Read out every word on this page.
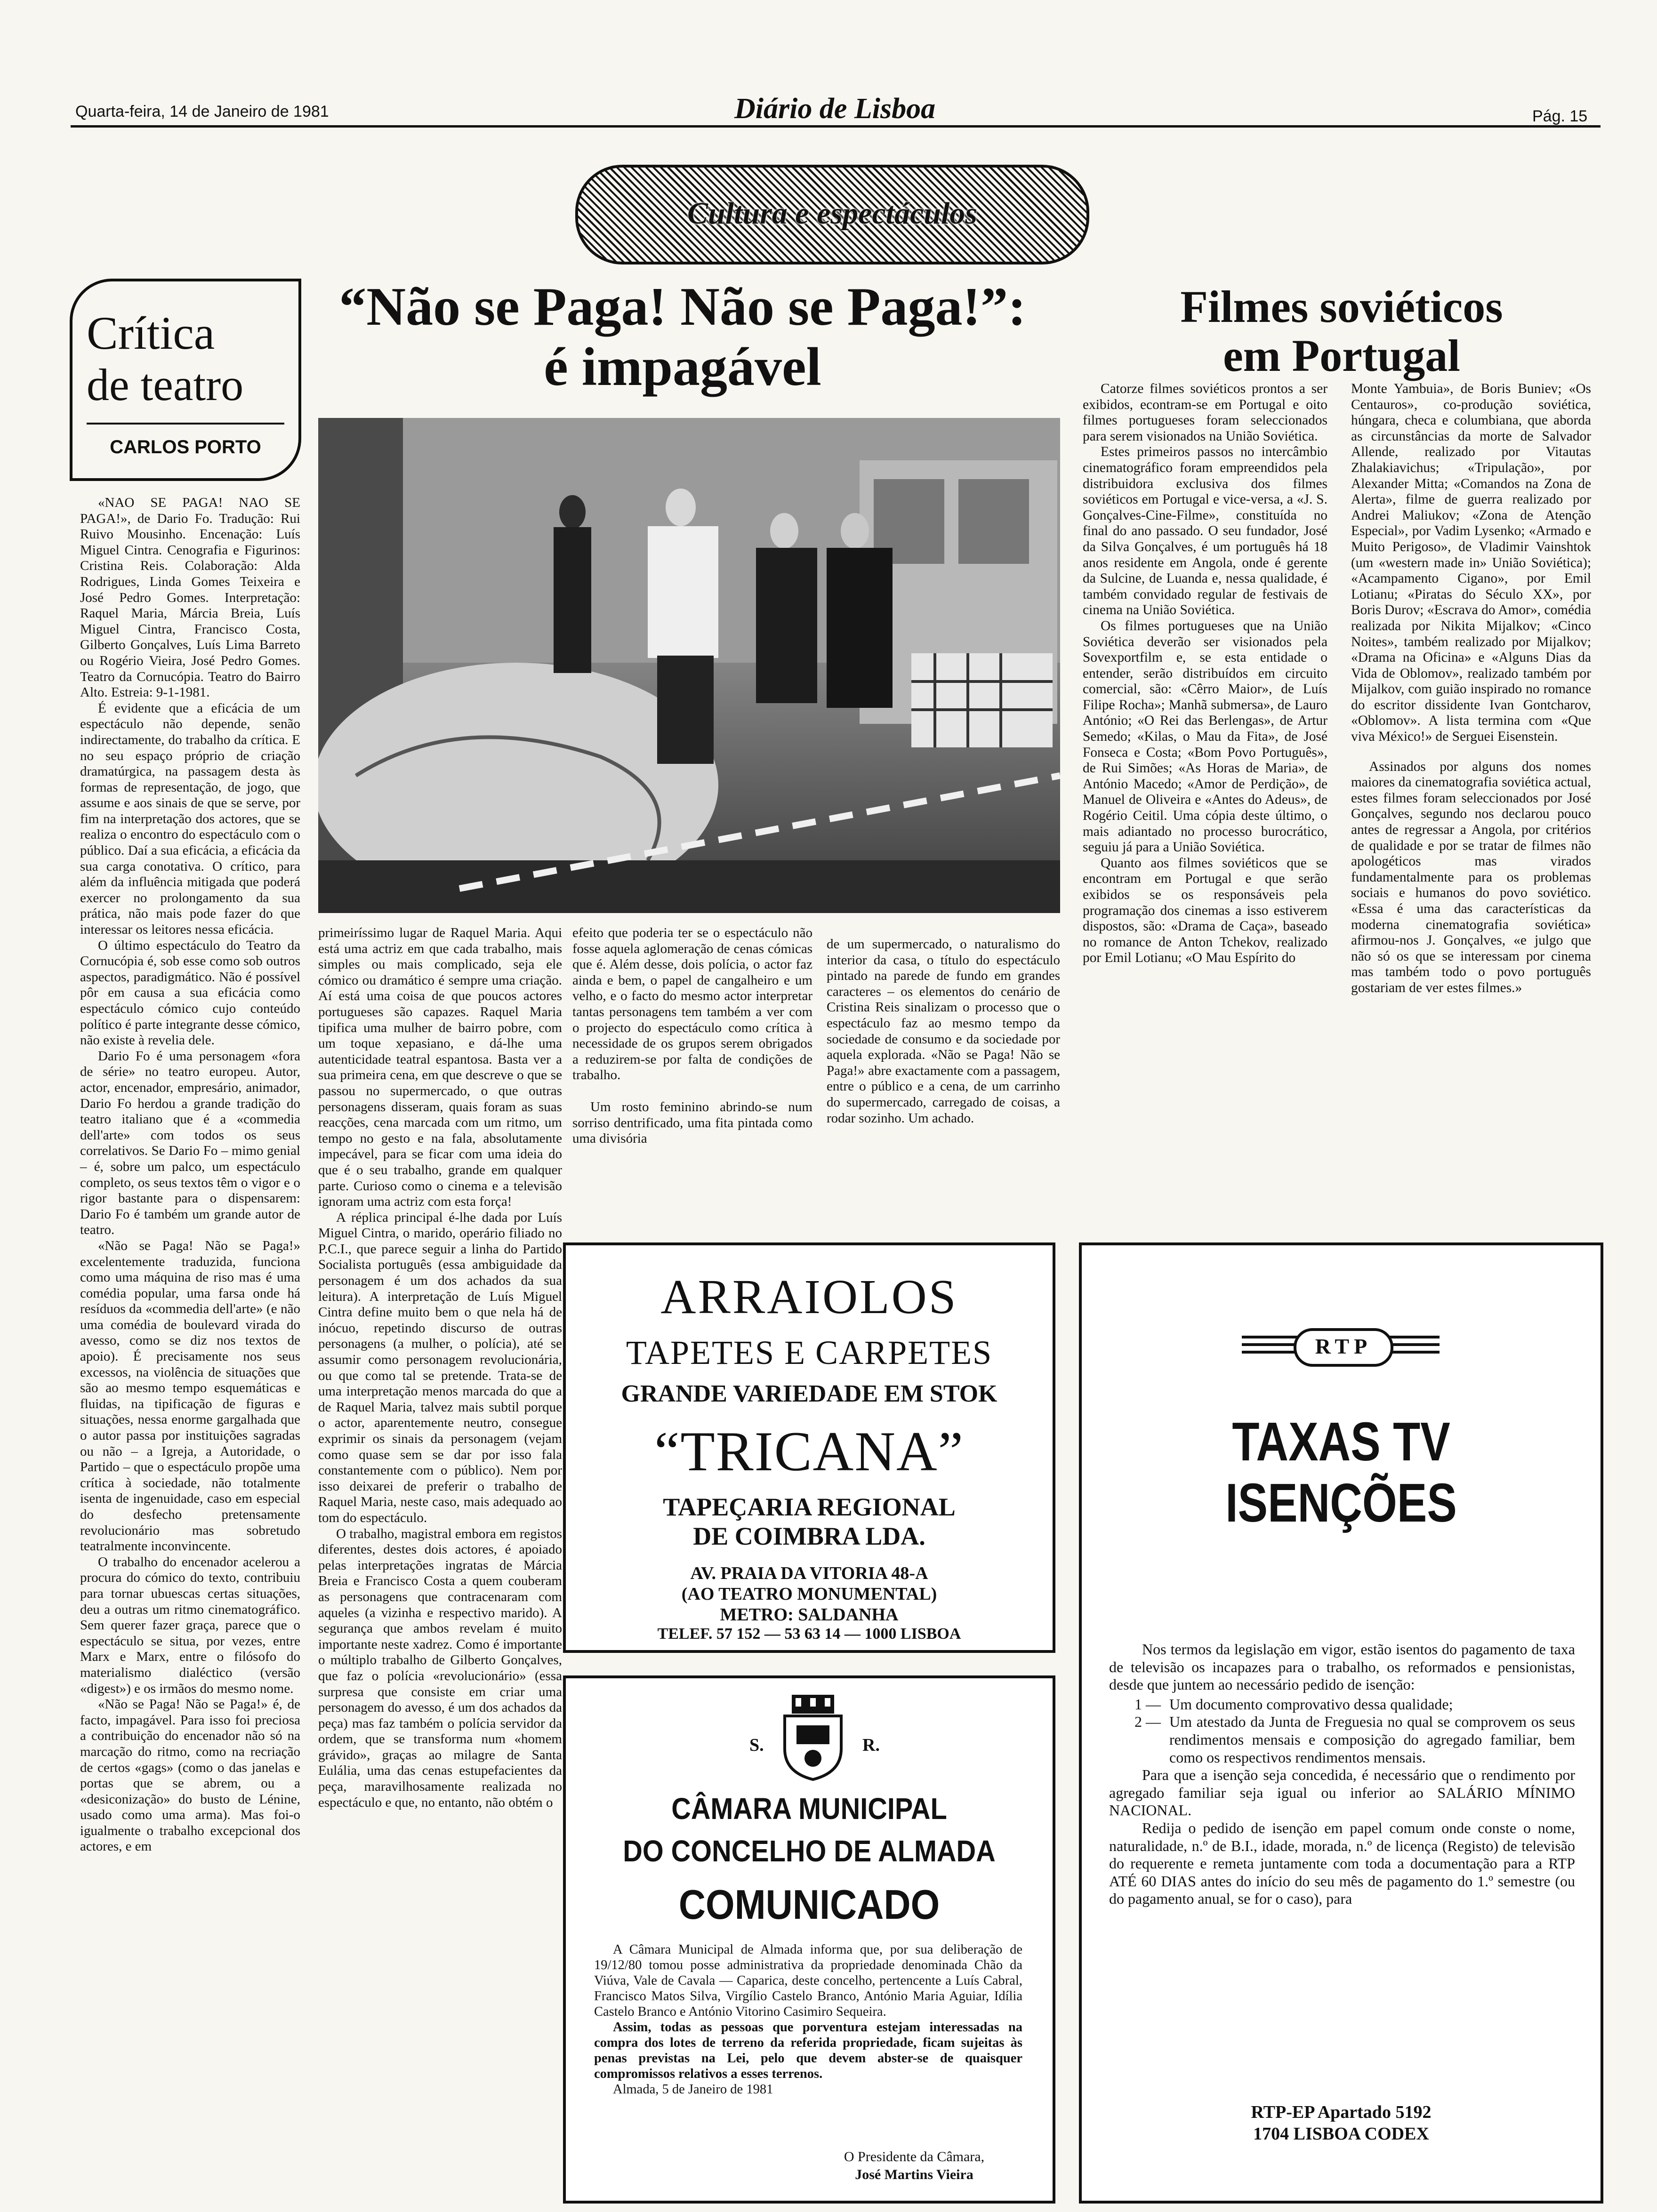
Quarta-feira, 14 de Janeiro de 1981	Diário de Lisboa	Pág. 15
Cultura e espectáculos
Crítica
de teatro
CARLOS PORTO
“Não se Paga! Não se Paga!”:
é impagável

«NAO SE PAGA! NAO SE PAGA!», de Dario Fo. Tradução: Rui Ruivo Mousinho. Encenação: Luís Miguel Cintra. Cenografia e Figurinos: Cristina Reis. Colaboração: Alda Rodrigues, Linda Gomes Teixeira e José Pedro Gomes. Interpretação: Raquel Maria, Márcia Breia, Luís Miguel Cintra, Francisco Costa, Gilberto Gonçalves, Luís Lima Barreto ou Rogério Vieira, José Pedro Gomes. Teatro da Cornucópia. Teatro do Bairro Alto. Estreia: 9-1-1981.

É evidente que a eficácia de um espectáculo não depende, senão indirectamente, do trabalho da crítica. E no seu espaço próprio de criação dramatúrgica, na passagem desta às formas de representação, de jogo, que assume e aos sinais de que se serve, por fim na interpretação dos actores, que se realiza o encontro do espectáculo com o público. Daí a sua eficácia, a eficácia da sua carga conotativa. O crítico, para além da influência mitigada que poderá exercer no prolongamento da sua prática, não mais pode fazer do que interessar os leitores nessa eficácia.

O último espectáculo do Teatro da Cornucópia é, sob esse como sob outros aspectos, paradigmático. Não é possível pôr em causa a sua eficácia como espectáculo cómico cujo conteúdo político é parte integrante desse cómico, não existe à revelia dele.

Dario Fo é uma personagem «fora de série» no teatro europeu. Autor, actor, encenador, empresário, animador, Dario Fo herdou a grande tradição do teatro italiano que é a «commedia dell'arte» com todos os seus correlativos. Se Dario Fo – mimo genial – é, sobre um palco, um espectáculo completo, os seus textos têm o vigor e o rigor bastante para o dispensarem: Dario Fo é também um grande autor de teatro.

«Não se Paga! Não se Paga!» excelentemente traduzida, funciona como uma máquina de riso mas é uma comédia popular, uma farsa onde há resíduos da «commedia dell'arte» (e não uma comédia de boulevard virada do avesso, como se diz nos textos de apoio). É precisamente nos seus excessos, na violência de situações que são ao mesmo tempo esquemáticas e fluidas, na tipificação de figuras e situações, nessa enorme gargalhada que o autor passa por instituições sagradas ou não – a Igreja, a Autoridade, o Partido – que o espectáculo propõe uma crítica à sociedade, não totalmente isenta de ingenuidade, caso em especial do desfecho pretensamente revolucionário mas sobretudo teatralmente inconvincente.

O trabalho do encenador acelerou a procura do cómico do texto, contribuiu para tornar ubuescas certas situações, deu a outras um ritmo cinematográfico. Sem querer fazer graça, parece que o espectáculo se situa, por vezes, entre Marx e Marx, entre o filósofo do materialismo dialéctico (versão «digest») e os irmãos do mesmo nome.

«Não se Paga! Não se Paga!» é, de facto, impagável. Para isso foi preciosa a contribuição do encenador não só na marcação do ritmo, como na recriação de certos «gags» (como o das janelas e portas que se abrem, ou a «desiconização» do busto de Lénine, usado como uma arma). Mas foi-o igualmente o trabalho excepcional dos actores, e em

primeiríssimo lugar de Raquel Maria. Aqui está uma actriz em que cada trabalho, mais simples ou mais complicado, seja ele cómico ou dramático é sempre uma criação. Aí está uma coisa de que poucos actores portugueses são capazes. Raquel Maria tipifica uma mulher de bairro pobre, com um toque xepasiano, e dá-lhe uma autenticidade teatral espantosa. Basta ver a sua primeira cena, em que descreve o que se passou no supermercado, o que outras personagens disseram, quais foram as suas reacções, cena marcada com um ritmo, um tempo no gesto e na fala, absolutamente impecável, para se ficar com uma ideia do que é o seu trabalho, grande em qualquer parte. Curioso como o cinema e a televisão ignoram uma actriz com esta força!

A réplica principal é-lhe dada por Luís Miguel Cintra, o marido, operário filiado no P.C.I., que parece seguir a linha do Partido Socialista português (essa ambiguidade da personagem é um dos achados da sua leitura). A interpretação de Luís Miguel Cintra define muito bem o que nela há de inócuo, repetindo discurso de outras personagens (a mulher, o polícia), até se assumir como personagem revolucionária, ou que como tal se pretende. Trata-se de uma interpretação menos marcada do que a de Raquel Maria, talvez mais subtil porque o actor, aparentemente neutro, consegue exprimir os sinais da personagem (vejam como quase sem se dar por isso fala constantemente com o público). Nem por isso deixarei de preferir o trabalho de Raquel Maria, neste caso, mais adequado ao tom do espectáculo.

O trabalho, magistral embora em registos diferentes, destes dois actores, é apoiado pelas interpretações ingratas de Márcia Breia e Francisco Costa a quem couberam as personagens que contracenaram com aqueles (a vizinha e respectivo marido). A segurança que ambos revelam é muito importante neste xadrez. Como é importante o múltiplo trabalho de Gilberto Gonçalves, que faz o polícia «revolucionário» (essa surpresa que consiste em criar uma personagem do avesso, é um dos achados da peça) mas faz também o polícia servidor da ordem, que se transforma num «homem grávido», graças ao milagre de Santa Eulália, uma das cenas estupefacientes da peça, maravilhosamente realizada no espectáculo e que, no entanto, não obtém o

efeito que poderia ter se o espectáculo não fosse aquela aglomeração de cenas cómicas que é. Além desse, dois polícia, o actor faz ainda e bem, o papel de cangalheiro e um velho, e o facto do mesmo actor interpretar tantas personagens tem também a ver com o projecto do espectáculo como crítica à necessidade de os grupos serem obrigados a reduzirem-se por falta de condições de trabalho.

Um rosto feminino abrindo-se num sorriso dentrificado, uma fita pintada como uma divisória

de um supermercado, o naturalismo do interior da casa, o título do espectáculo pintado na parede de fundo em grandes caracteres – os elementos do cenário de Cristina Reis sinalizam o processo que o espectáculo faz ao mesmo tempo da sociedade de consumo e da sociedade por aquela explorada. «Não se Paga! Não se Paga!» abre exactamente com a passagem, entre o público e a cena, de um carrinho do supermercado, carregado de coisas, a rodar sozinho. Um achado.

Filmes soviéticos
em Portugal

Catorze filmes soviéticos prontos a ser exibidos, econtram-se em Portugal e oito filmes portugueses foram seleccionados para serem visionados na União Soviética.

Estes primeiros passos no intercâmbio cinematográfico foram empreendidos pela distribuidora exclusiva dos filmes soviéticos em Portugal e vice-versa, a «J. S. Gonçalves-Cine-Filme», constituída no final do ano passado. O seu fundador, José da Silva Gonçalves, é um português há 18 anos residente em Angola, onde é gerente da Sulcine, de Luanda e, nessa qualidade, é também convidado regular de festivais de cinema na União Soviética.

Os filmes portugueses que na União Soviética deverão ser visionados pela Sovexportfilm e, se esta entidade o entender, serão distribuídos em circuito comercial, são: «Cêrro Maior», de Luís Filipe Rocha»; Manhã submersa», de Lauro António; «O Rei das Berlengas», de Artur Semedo; «Kilas, o Mau da Fita», de José Fonseca e Costa; «Bom Povo Português», de Rui Simões; «As Horas de Maria», de António Macedo; «Amor de Perdição», de Manuel de Oliveira e «Antes do Adeus», de Rogério Ceitil. Uma cópia deste último, o mais adiantado no processo burocrático, seguiu já para a União Soviética.

Quanto aos filmes soviéticos que se encontram em Portugal e que serão exibidos se os responsáveis pela programação dos cinemas a isso estiverem dispostos, são: «Drama de Caça», baseado no romance de Anton Tchekov, realizado por Emil Lotianu; «O Mau Espírito do

Monte Yambuia», de Boris Buniev; «Os Centauros», co-produção soviética, húngara, checa e columbiana, que aborda as circunstâncias da morte de Salvador Allende, realizado por Vitautas Zhalakiavichus; «Tripulação», por Alexander Mitta; «Comandos na Zona de Alerta», filme de guerra realizado por Andrei Maliukov; «Zona de Atenção Especial», por Vadim Lysenko; «Armado e Muito Perigoso», de Vladimir Vainshtok (um «western made in» União Soviética); «Acampamento Cigano», por Emil Lotianu; «Piratas do Século XX», por Boris Durov; «Escrava do Amor», comédia realizada por Nikita Mijalkov; «Cinco Noites», também realizado por Mijalkov; «Drama na Oficina» e «Alguns Dias da Vida de Oblomov», realizado também por Mijalkov, com guião inspirado no romance do escritor dissidente Ivan Gontcharov, «Oblomov». A lista termina com «Que viva México!» de Serguei Eisenstein.

Assinados por alguns dos nomes maiores da cinematografia soviética actual, estes filmes foram seleccionados por José Gonçalves, segundo nos declarou pouco antes de regressar a Angola, por critérios de qualidade e por se tratar de filmes não apologéticos mas virados fundamentalmente para os problemas sociais e humanos do povo soviético. «Essa é uma das características da moderna cinematografia soviética» afirmou-nos J. Gonçalves, «e julgo que não só os que se interessam por cinema mas também todo o povo português gostariam de ver estes filmes.»

ARRAIOLOS
TAPETES E CARPETES
GRANDE VARIEDADE EM STOK
“TRICANA”
TAPEÇARIA REGIONAL
DE COIMBRA LDA.
AV. PRAIA DA VITORIA 48-A
(AO TEATRO MONUMENTAL)
METRO: SALDANHA
TELEF. 57 152 — 53 63 14 — 1000 LISBOA
S.	R.
CÂMARA MUNICIPAL
DO CONCELHO DE ALMADA
COMUNICADO

A Câmara Municipal de Almada informa que, por sua deliberação de 19/12/80 tomou posse administrativa da propriedade denominada Chão da Viúva, Vale de Cavala — Caparica, deste concelho, pertencente a Luís Cabral, Francisco Matos Silva, Virgílio Castelo Branco, António Maria Aguiar, Idília Castelo Branco e António Vitorino Casimiro Sequeira.

Assim, todas as pessoas que porventura estejam interessadas na compra dos lotes de terreno da referida propriedade, ficam sujeitas às penas previstas na Lei, pelo que devem abster-se de quaisquer compromissos relativos a esses terrenos.

Almada, 5 de Janeiro de 1981

O Presidente da Câmara,
José Martins Vieira
RTP
TAXAS TV
ISENÇÕES

Nos termos da legislação em vigor, estão isentos do pagamento de taxa de televisão os incapazes para o trabalho, os reformados e pensionistas, desde que juntem ao necessário pedido de isenção:

1 — Um documento comprovativo dessa qualidade;
2 — Um atestado da Junta de Freguesia no qual se comprovem os seus rendimentos mensais e composição do agregado familiar, bem como os respectivos rendimentos mensais.

Para que a isenção seja concedida, é necessário que o rendimento por agregado familiar seja igual ou inferior ao SALÁRIO MÍNIMO NACIONAL.

Redija o pedido de isenção em papel comum onde conste o nome, naturalidade, n.º de B.I., idade, morada, n.º de licença (Registo) de televisão do requerente e remeta juntamente com toda a documentação para a RTP ATÉ 60 DIAS antes do início do seu mês de pagamento do 1.º semestre (ou do pagamento anual, se for o caso), para

RTP-EP Apartado 5192
1704 LISBOA CODEX
